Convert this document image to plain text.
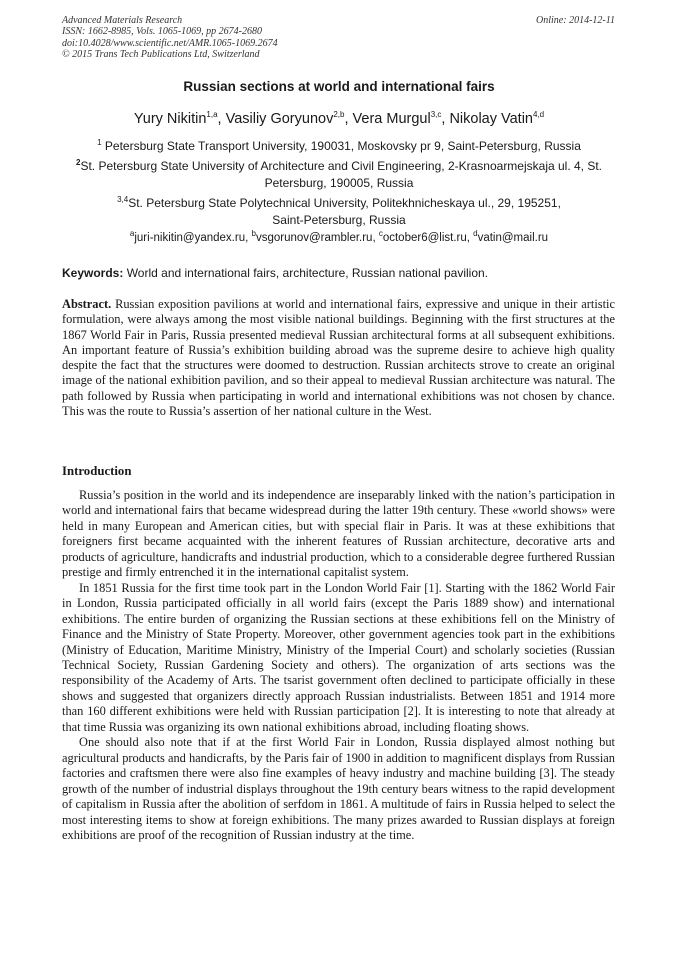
Advanced Materials Research
ISSN: 1662-8985, Vols. 1065-1069, pp 2674-2680
doi:10.4028/www.scientific.net/AMR.1065-1069.2674
© 2015 Trans Tech Publications Ltd, Switzerland
Online: 2014-12-11
Russian sections at world and international fairs
Yury Nikitin$^{1,a}$, Vasiliy Goryunov$^{2,b}$, Vera Murgul$^{3,c}$, Nikolay Vatin$^{4,d}$
$^1$ Petersburg State Transport University, 190031, Moskovsky pr 9, Saint-Petersburg, Russia
$^2$St. Petersburg State University of Architecture and Civil Engineering, 2-Krasnoarmejskaja ul. 4, St. Petersburg, 190005, Russia
$^{3,4}$St. Petersburg State Polytechnical University, Politekhnicheskaya ul., 29, 195251, Saint-Petersburg, Russia
$^a$juri-nikitin@yandex.ru, $^b$vsgorunov@rambler.ru, $^c$october6@list.ru, $^d$vatin@mail.ru
Keywords: World and international fairs, architecture, Russian national pavilion.
Abstract. Russian exposition pavilions at world and international fairs, expressive and unique in their artistic formulation, were always among the most visible national buildings. Beginning with the first structures at the 1867 World Fair in Paris, Russia presented medieval Russian architectural forms at all subsequent exhibitions. An important feature of Russia’s exhibition building abroad was the supreme desire to achieve high quality despite the fact that the structures were doomed to destruction. Russian architects strove to create an original image of the national exhibition pavilion, and so their appeal to medieval Russian architecture was natural. The path followed by Russia when participating in world and international exhibitions was not chosen by chance. This was the route to Russia’s assertion of her national culture in the West.
Introduction

Russia’s position in the world and its independence are inseparably linked with the nation’s participation in world and international fairs that became widespread during the latter 19th century. These «world shows» were held in many European and American cities, but with special flair in Paris. It was at these exhibitions that foreigners first became acquainted with the inherent features of Russian architecture, decorative arts and products of agriculture, handicrafts and industrial production, which to a considerable degree furthered Russian prestige and firmly entrenched it in the international capitalist system.

In 1851 Russia for the first time took part in the London World Fair [1]. Starting with the 1862 World Fair in London, Russia participated officially in all world fairs (except the Paris 1889 show) and international exhibitions. The entire burden of organizing the Russian sections at these exhibitions fell on the Ministry of Finance and the Ministry of State Property. Moreover, other government agencies took part in the exhibitions (Ministry of Education, Maritime Ministry, Ministry of the Imperial Court) and scholarly societies (Russian Technical Society, Russian Gardening Society and others). The organization of arts sections was the responsibility of the Academy of Arts. The tsarist government often declined to participate officially in these shows and suggested that organizers directly approach Russian industrialists. Between 1851 and 1914 more than 160 different exhibitions were held with Russian participation [2]. It is interesting to note that already at that time Russia was organizing its own national exhibitions abroad, including floating shows.

One should also note that if at the first World Fair in London, Russia displayed almost nothing but agricultural products and handicrafts, by the Paris fair of 1900 in addition to magnificent displays from Russian factories and craftsmen there were also fine examples of heavy industry and machine building [3]. The steady growth of the number of industrial displays throughout the 19th century bears witness to the rapid development of capitalism in Russia after the abolition of serfdom in 1861. A multitude of fairs in Russia helped to select the most interesting items to show at foreign exhibitions. The many prizes awarded to Russian displays at foreign exhibitions are proof of the recognition of Russian industry at the time.
